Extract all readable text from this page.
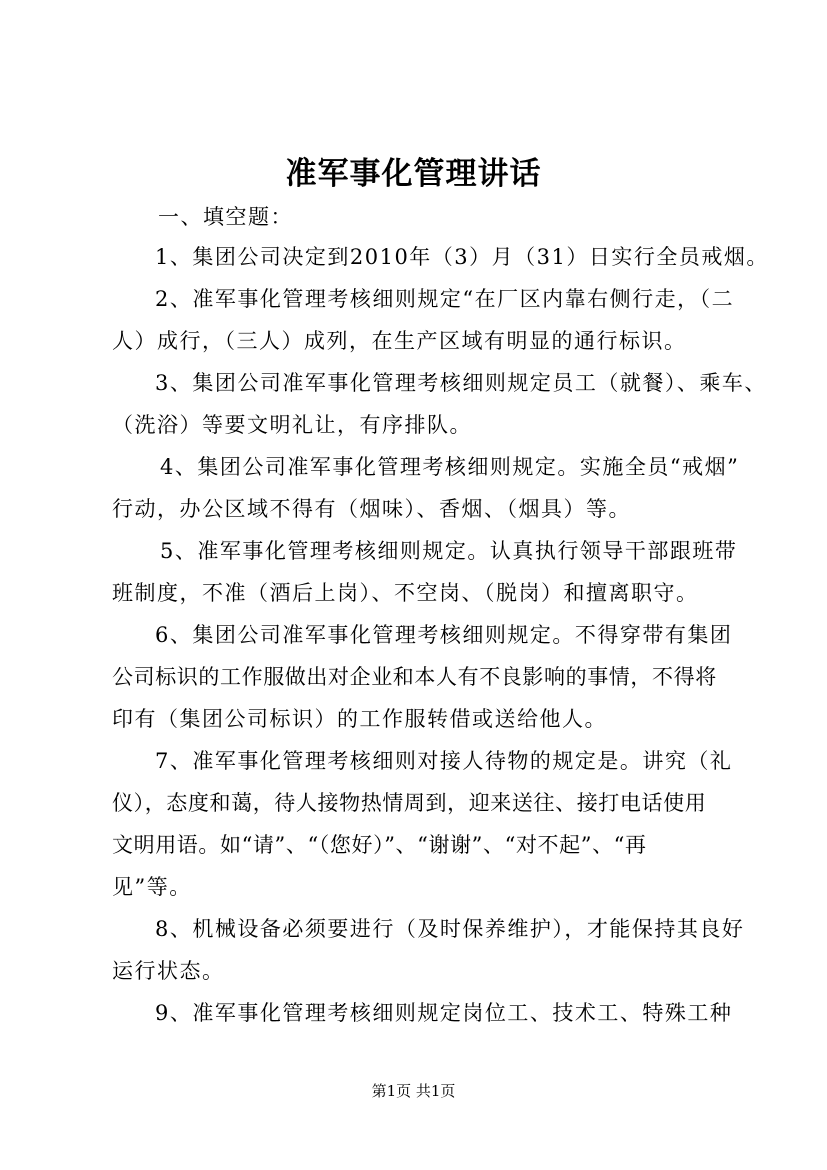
准军事化管理讲话
一、填空题：
1、集团公司决定到2010年（3）月（31）日实行全员戒烟。
2、准军事化管理考核细则规定“在厂区内靠右侧行走，（二
人）成行，（三人）成列，在生产区域有明显的通行标识。
3、集团公司准军事化管理考核细则规定员工（就餐）、乘车、
（洗浴）等要文明礼让，有序排队。
4、集团公司准军事化管理考核细则规定。实施全员“戒烟”
行动，办公区域不得有（烟味）、香烟、（烟具）等。
5、准军事化管理考核细则规定。认真执行领导干部跟班带
班制度，不准（酒后上岗）、不空岗、（脱岗）和擅离职守。
6、集团公司准军事化管理考核细则规定。不得穿带有集团
公司标识的工作服做出对企业和本人有不良影响的事情，不得将
印有（集团公司标识）的工作服转借或送给他人。
7、准军事化管理考核细则对接人待物的规定是。讲究（礼
仪），态度和蔼，待人接物热情周到，迎来送往、接打电话使用
文明用语。如“请”、“（您好）”、“谢谢”、“对不起”、“再
见”等。
8、机械设备必须要进行（及时保养维护），才能保持其良好
运行状态。
9、准军事化管理考核细则规定岗位工、技术工、特殊工种
第1页 共1页
